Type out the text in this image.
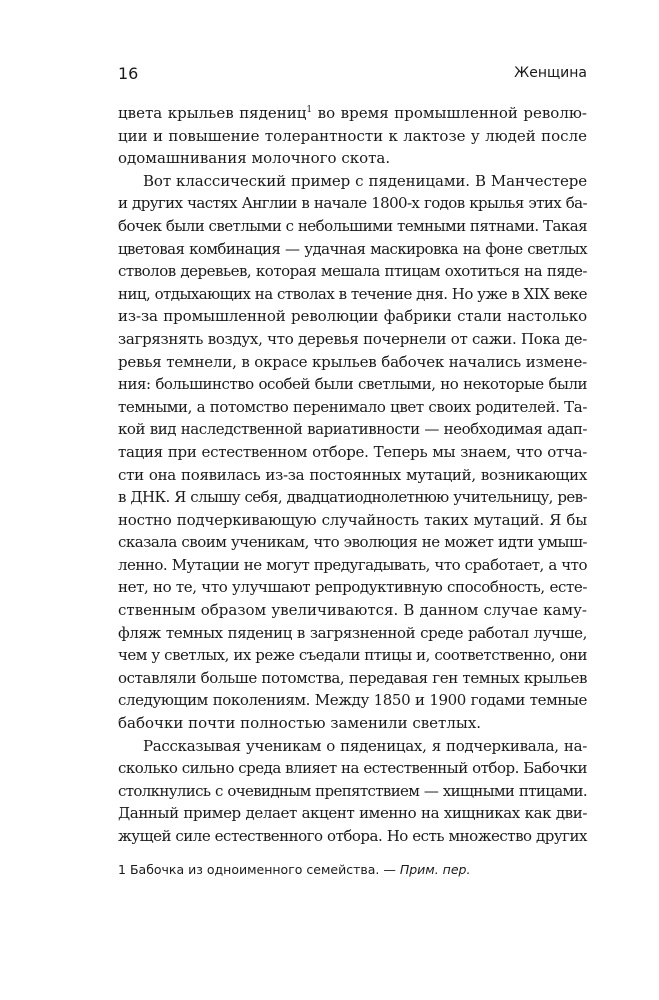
16	Женщина
цвета крыльев пядениц$^1$ во время промышленной револю-
ции и повышение толерантности к лактозе у людей после
одомашнивания молочного скота.
Вот классический пример с пяденицами. В Манчестере
и других частях Англии в начале 1800-х годов крылья этих ба-
бочек были светлыми с небольшими темными пятнами. Такая
цветовая комбинация — удачная маскировка на фоне светлых
стволов деревьев, которая мешала птицам охотиться на пяде-
ниц, отдыхающих на стволах в течение дня. Но уже в XIX веке
из-за промышленной революции фабрики стали настолько
загрязнять воздух, что деревья почернели от сажи. Пока де-
ревья темнели, в окрасе крыльев бабочек начались измене-
ния: большинство особей были светлыми, но некоторые были
темными, а потомство перенимало цвет своих родителей. Та-
кой вид наследственной вариативности — необходимая адап-
тация при естественном отборе. Теперь мы знаем, что отча-
сти она появилась из-за постоянных мутаций, возникающих
в ДНК. Я слышу себя, двадцатиоднолетнюю учительницу, рев-
ностно подчеркивающую случайность таких мутаций. Я бы
сказала своим ученикам, что эволюция не может идти умыш-
ленно. Мутации не могут предугадывать, что сработает, а что
нет, но те, что улучшают репродуктивную способность, есте-
ственным образом увеличиваются. В данном случае каму-
фляж темных пядениц в загрязненной среде работал лучше,
чем у светлых, их реже съедали птицы и, соответственно, они
оставляли больше потомства, передавая ген темных крыльев
следующим поколениям. Между 1850 и 1900 годами темные
бабочки почти полностью заменили светлых.
Рассказывая ученикам о пяденицах, я подчеркивала, на-
сколько сильно среда влияет на естественный отбор. Бабочки
столкнулись с очевидным препятствием — хищными птицами.
Данный пример делает акцент именно на хищниках как дви-
жущей силе естественного отбора. Но есть множество других
1 Бабочка из одноименного семейства. — Прим. пер.
